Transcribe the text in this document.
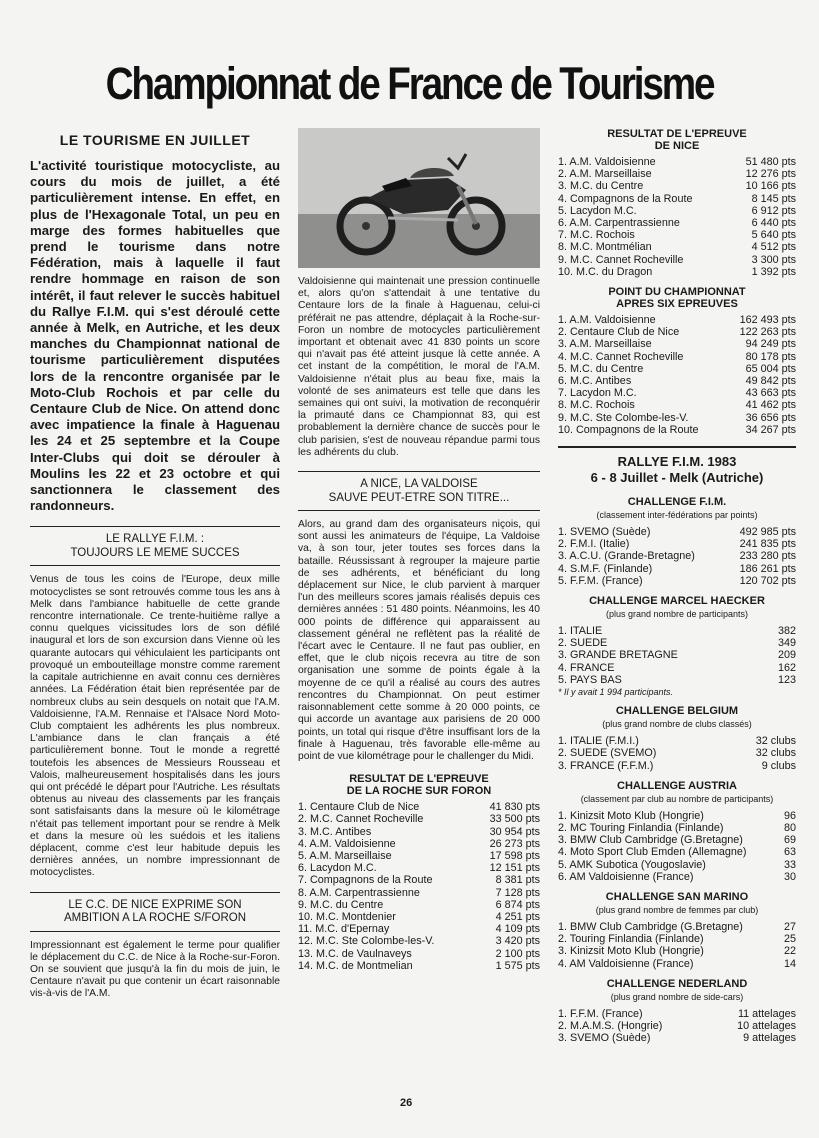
Championnat de France de Tourisme
LE TOURISME EN JUILLET

L'activité touristique motocycliste, au cours du mois de juillet, a été particulièrement intense. En effet, en plus de l'Hexagonale Total, un peu en marge des formes habituelles que prend le tourisme dans notre Fédération, mais à laquelle il faut rendre hommage en raison de son intérêt, il faut relever le succès habituel du Rallye F.I.M. qui s'est déroulé cette année à Melk, en Autriche, et les deux manches du Championnat national de tourisme particulièrement disputées lors de la rencontre organisée par le Moto-Club Rochois et par celle du Centaure Club de Nice. On attend donc avec impatience la finale à Haguenau les 24 et 25 septembre et la Coupe Inter-Clubs qui doit se dérouler à Moulins les 22 et 23 octobre et qui sanctionnera le classement des randonneurs.

LE RALLYE F.I.M. :
TOUJOURS LE MEME SUCCES

Venus de tous les coins de l'Europe, deux mille motocyclistes se sont retrouvés comme tous les ans à Melk dans l'ambiance habituelle de cette grande rencontre internationale. Ce trente-huitième rallye a connu quelques vicissitudes lors de son défilé inaugural et lors de son excursion dans Vienne où les quarante autocars qui véhiculaient les participants ont provoqué un embouteillage monstre comme rarement la capitale autrichienne en avait connu ces dernières années. La Fédération était bien représentée par de nombreux clubs au sein desquels on notait que l'A.M. Valdoisienne, l'A.M. Rennaise et l'Alsace Nord Moto-Club comptaient les adhérents les plus nombreux. L'ambiance dans le clan français a été particulièrement bonne. Tout le monde a regretté toutefois les absences de Messieurs Rousseau et Valois, malheureusement hospitalisés dans les jours qui ont précédé le départ pour l'Autriche. Les résultats obtenus au niveau des classements par les français sont satisfaisants dans la mesure où le kilométrage n'était pas tellement important pour se rendre à Melk et dans la mesure où les suédois et les italiens déplacent, comme c'est leur habitude depuis les dernières années, un nombre impressionnant de motocyclistes.

LE C.C. DE NICE EXPRIME SON
AMBITION A LA ROCHE S/FORON

Impressionnant est également le terme pour qualifier le déplacement du C.C. de Nice à la Roche-sur-Foron. On se souvient que jusqu'à la fin du mois de juin, le Centaure n'avait pu que contenir un écart raisonnable vis-à-vis de l'A.M.

Valdoisienne qui maintenait une pression continuelle et, alors qu'on s'attendait à une tentative du Centaure lors de la finale à Haguenau, celui-ci préférait ne pas attendre, déplaçait à la Roche-sur-Foron un nombre de motocycles particulièrement important et obtenait avec 41 830 points un score qui n'avait pas été atteint jusque là cette année. A cet instant de la compétition, le moral de l'A.M. Valdoisienne n'était plus au beau fixe, mais la volonté de ses animateurs est telle que dans les semaines qui ont suivi, la motivation de reconquérir la primauté dans ce Championnat 83, qui est probablement la dernière chance de succès pour le club parisien, s'est de nouveau répandue parmi tous les adhérents du club.

A NICE, LA VALDOISE
SAUVE PEUT-ETRE SON TITRE...

Alors, au grand dam des organisateurs niçois, qui sont aussi les animateurs de l'équipe, La Valdoise va, à son tour, jeter toutes ses forces dans la bataille. Réussissant à regrouper la majeure partie de ses adhérents, et bénéficiant du long déplacement sur Nice, le club parvient à marquer l'un des meilleurs scores jamais réalisés depuis ces dernières années : 51 480 points. Néanmoins, les 40 000 points de différence qui apparaissent au classement général ne reflètent pas la réalité de l'écart avec le Centaure. Il ne faut pas oublier, en effet, que le club niçois recevra au titre de son organisation une somme de points égale à la moyenne de ce qu'il a réalisé au cours des autres rencontres du Championnat. On peut estimer raisonnablement cette somme à 20 000 points, ce qui accorde un avantage aux parisiens de 20 000 points, un total qui risque d'être insuffisant lors de la finale à Haguenau, très favorable elle-même au point de vue kilométrage pour le challenger du Midi.

RESULTAT DE L'EPREUVE
DE LA ROCHE SUR FORON
1. Centaure Club de Nice	41 830 pts
2. M.C. Cannet Rocheville	33 500 pts
3. M.C. Antibes	30 954 pts
4. A.M. Valdoisienne	26 273 pts
5. A.M. Marseillaise	17 598 pts
6. Lacydon M.C.	12 151 pts
7. Compagnons de la Route	8 381 pts
8. A.M. Carpentrassienne	7 128 pts
9. M.C. du Centre	6 874 pts
10. M.C. Montdenier	4 251 pts
11. M.C. d'Epernay	4 109 pts
12. M.C. Ste Colombe-les-V.	3 420 pts
13. M.C. de Vaulnaveys	2 100 pts
14. M.C. de Montmelian	1 575 pts
RESULTAT DE L'EPREUVE
DE NICE
1. A.M. Valdoisienne	51 480 pts
2. A.M. Marseillaise	12 276 pts
3. M.C. du Centre	10 166 pts
4. Compagnons de la Route	8 145 pts
5. Lacydon M.C.	6 912 pts
6. A.M. Carpentrassienne	6 440 pts
7. M.C. Rochois	5 640 pts
8. M.C. Montmélian	4 512 pts
9. M.C. Cannet Rocheville	3 300 pts
10. M.C. du Dragon	1 392 pts
POINT DU CHAMPIONNAT
APRES SIX EPREUVES
1. A.M. Valdoisienne	162 493 pts
2. Centaure Club de Nice	122 263 pts
3. A.M. Marseillaise	94 249 pts
4. M.C. Cannet Rocheville	80 178 pts
5. M.C. du Centre	65 004 pts
6. M.C. Antibes	49 842 pts
7. Lacydon M.C.	43 663 pts
8. M.C. Rochois	41 462 pts
9. M.C. Ste Colombe-les-V.	36 656 pts
10. Compagnons de la Route	34 267 pts
RALLYE F.I.M. 1983
6 - 8 Juillet - Melk (Autriche)
CHALLENGE F.I.M.
(classement inter-fédérations par points)
1. SVEMO (Suède)	492 985 pts
2. F.M.I. (Italie)	241 835 pts
3. A.C.U. (Grande-Bretagne)	233 280 pts
4. S.M.F. (Finlande)	186 261 pts
5. F.F.M. (France)	120 702 pts
CHALLENGE MARCEL HAECKER
(plus grand nombre de participants)
1. ITALIE	382
2. SUEDE	349
3. GRANDE BRETAGNE	209
4. FRANCE	162
5. PAYS BAS	123
* Il y avait 1 994 participants.
CHALLENGE BELGIUM
(plus grand nombre de clubs classés)
1. ITALIE (F.M.I.)	32 clubs
2. SUEDE (SVEMO)	32 clubs
3. FRANCE (F.F.M.)	9 clubs
CHALLENGE AUSTRIA
(classement par club au nombre de participants)
1. Kinizsit Moto Klub (Hongrie)	96
2. MC Touring Finlandia (Finlande)	80
3. BMW Club Cambridge (G.Bretagne)	69
4. Moto Sport Club Emden (Allemagne)	63
5. AMK Subotica (Yougoslavie)	33
6. AM Valdoisienne (France)	30
CHALLENGE SAN MARINO
(plus grand nombre de femmes par club)
1. BMW Club Cambridge (G.Bretagne)	27
2. Touring Finlandia (Finlande)	25
3. Kinizsit Moto Klub (Hongrie)	22
4. AM Valdoisienne (France)	14
CHALLENGE NEDERLAND
(plus grand nombre de side-cars)
1. F.F.M. (France)	11 attelages
2. M.A.M.S. (Hongrie)	10 attelages
3. SVEMO (Suède)	9 attelages
26
